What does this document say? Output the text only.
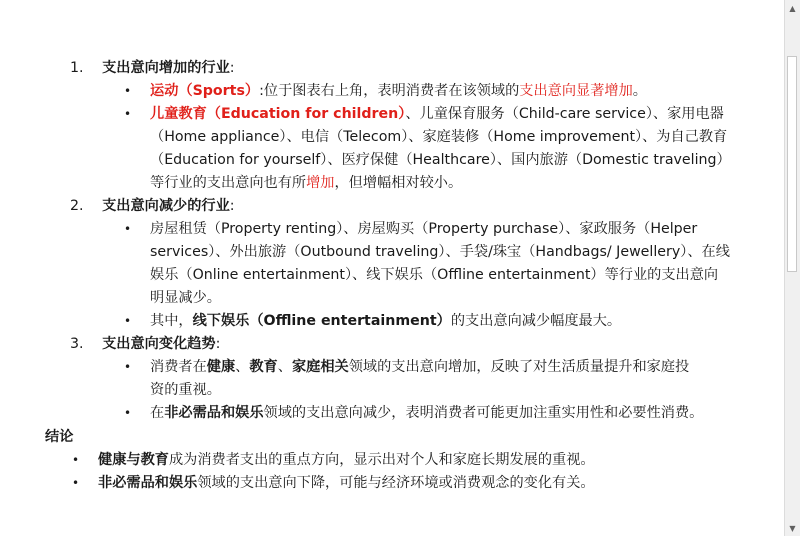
1. 支出意向增加的行业:
• 运动（Sports）:位于图表右上角，表明消费者在该领域的支出意向显著增加。
• 儿童教育（Education for children）、儿童保育服务（Child-care service）、家用电器
（Home appliance）、电信（Telecom）、家庭装修（Home improvement）、为自己教育
（Education for yourself）、医疗保健（Healthcare）、国内旅游（Domestic traveling）
等行业的支出意向也有所增加，但增幅相对较小。
2. 支出意向减少的行业:
• 房屋租赁（Property renting）、房屋购买（Property purchase）、家政服务（Helper
services）、外出旅游（Outbound traveling）、手袋/珠宝（Handbags/ Jewellery）、在线
娱乐（Online entertainment）、线下娱乐（Offline entertainment）等行业的支出意向
明显减少。
• 其中，线下娱乐（Offline entertainment）的支出意向减少幅度最大。
3. 支出意向变化趋势:
• 消费者在健康、教育、家庭相关领域的支出意向增加，反映了对生活质量提升和家庭投
资的重视。
• 在非必需品和娱乐领域的支出意向减少，表明消费者可能更加注重实用性和必要性消费。
结论
• 健康与教育成为消费者支出的重点方向，显示出对个人和家庭长期发展的重视。
• 非必需品和娱乐领域的支出意向下降，可能与经济环境或消费观念的变化有关。
▲
▼
